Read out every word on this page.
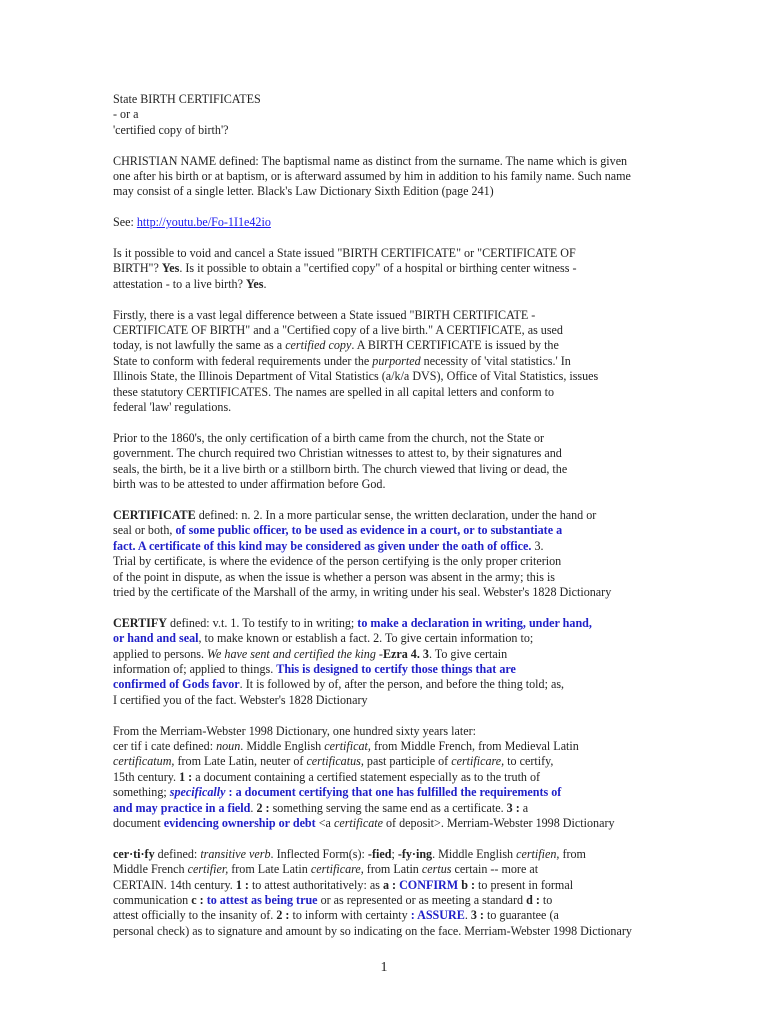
State BIRTH CERTIFICATES
- or a
'certified copy of birth'?
CHRISTIAN NAME defined: The baptismal name as distinct from the surname. The name which is given
one after his birth or at baptism, or is afterward assumed by him in addition to his family name. Such name
may consist of a single letter. Black's Law Dictionary Sixth Edition (page 241)
See: http://youtu.be/Fo-1I1e42io
Is it possible to void and cancel a State issued "BIRTH CERTIFICATE" or "CERTIFICATE OF
BIRTH"? Yes. Is it possible to obtain a "certified copy" of a hospital or birthing center witness -
attestation - to a live birth? Yes.
Firstly, there is a vast legal difference between a State issued "BIRTH CERTIFICATE -
CERTIFICATE OF BIRTH" and a "Certified copy of a live birth." A CERTIFICATE, as used
today, is not lawfully the same as a certified copy. A BIRTH CERTIFICATE is issued by the
State to conform with federal requirements under the purported necessity of 'vital statistics.' In
Illinois State, the Illinois Department of Vital Statistics (a/k/a DVS), Office of Vital Statistics, issues
these statutory CERTIFICATES. The names are spelled in all capital letters and conform to
federal 'law' regulations.
Prior to the 1860's, the only certification of a birth came from the church, not the State or
government. The church required two Christian witnesses to attest to, by their signatures and
seals, the birth, be it a live birth or a stillborn birth. The church viewed that living or dead, the
birth was to be attested to under affirmation before God.
CERTIFICATE defined: n. 2. In a more particular sense, the written declaration, under the hand or
seal or both, of some public officer, to be used as evidence in a court, or to substantiate a
fact. A certificate of this kind may be considered as given under the oath of office. 3.
Trial by certificate, is where the evidence of the person certifying is the only proper criterion
of the point in dispute, as when the issue is whether a person was absent in the army; this is
tried by the certificate of the Marshall of the army, in writing under his seal. Webster's 1828 Dictionary
CERTIFY defined: v.t. 1. To testify to in writing; to make a declaration in writing, under hand,
or hand and seal, to make known or establish a fact. 2. To give certain information to;
applied to persons. We have sent and certified the king -Ezra 4. 3. To give certain
information of; applied to things. This is designed to certify those things that are
confirmed of Gods favor. It is followed by of, after the person, and before the thing told; as,
I certified you of the fact. Webster's 1828 Dictionary
From the Merriam-Webster 1998 Dictionary, one hundred sixty years later:
cer tif i cate defined: noun. Middle English certificat, from Middle French, from Medieval Latin
certificatum, from Late Latin, neuter of certificatus, past participle of certificare, to certify,
15th century. 1 : a document containing a certified statement especially as to the truth of
something; specifically : a document certifying that one has fulfilled the requirements of
and may practice in a field. 2 : something serving the same end as a certificate. 3 : a
document evidencing ownership or debt <a certificate of deposit>. Merriam-Webster 1998 Dictionary
cer·ti·fy defined: transitive verb. Inflected Form(s): -fied; -fy·ing. Middle English certifien, from
Middle French certifier, from Late Latin certificare, from Latin certus certain -- more at
CERTAIN. 14th century. 1 : to attest authoritatively: as a : CONFIRM b : to present in formal
communication c : to attest as being true or as represented or as meeting a standard d : to
attest officially to the insanity of. 2 : to inform with certainty : ASSURE. 3 : to guarantee (a
personal check) as to signature and amount by so indicating on the face. Merriam-Webster 1998 Dictionary
1
